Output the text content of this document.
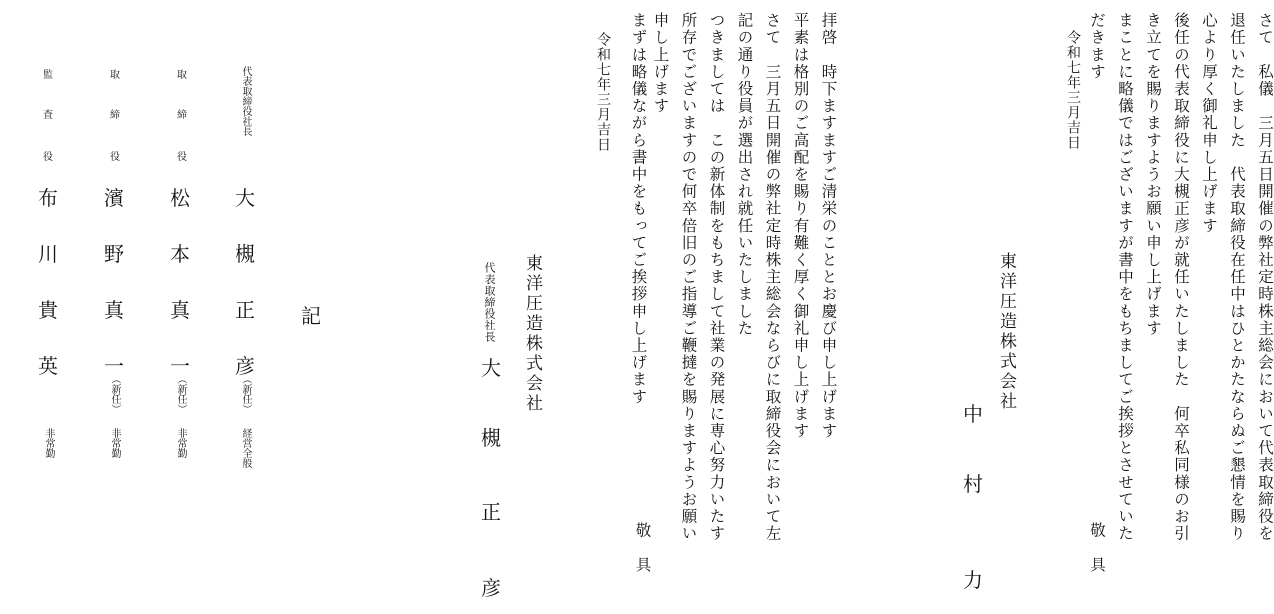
さて　私儀　三月五日開催の弊社定時株主総会において代表取締役を
退任いたしました　代表取締役在任中はひとかたならぬご懇情を賜り
心より厚く御礼申し上げます
後任の代表取締役に大槻正彦が就任いたしました　何卒私同様のお引
き立てを賜りますようお願い申し上げます
まことに略儀ではございますが書中をもちましてご挨拶とさせていた
だきます
令和七年三月吉日
敬　具
東洋圧造株式会社
中
村
力
拝啓　時下ますますご清栄のこととお慶び申し上げます
平素は格別のご高配を賜り有難く厚く御礼申し上げます
さて　三月五日開催の弊社定時株主総会ならびに取締役会において左
記の通り役員が選出され就任いたしました
つきましては　この新体制をもちまして社業の発展に専心努力いたす
所存でございますので何卒倍旧のご指導ご鞭撻を賜りますようお願い
申し上げます
まずは略儀ながら書中をもってご挨拶申し上げます
敬　具
令和七年三月吉日
東洋圧造株式会社
代表取締役社長
大
槻
正
彦
代表取締役社長
大
槻
正
彦
（新任）
経営全般
取
締
役
松
本
真
一
（新任）
非常勤
取
締
役
濱
野
真
一
（新任）
非常勤
監
査
役
布
川
貴
英
非常勤
記
